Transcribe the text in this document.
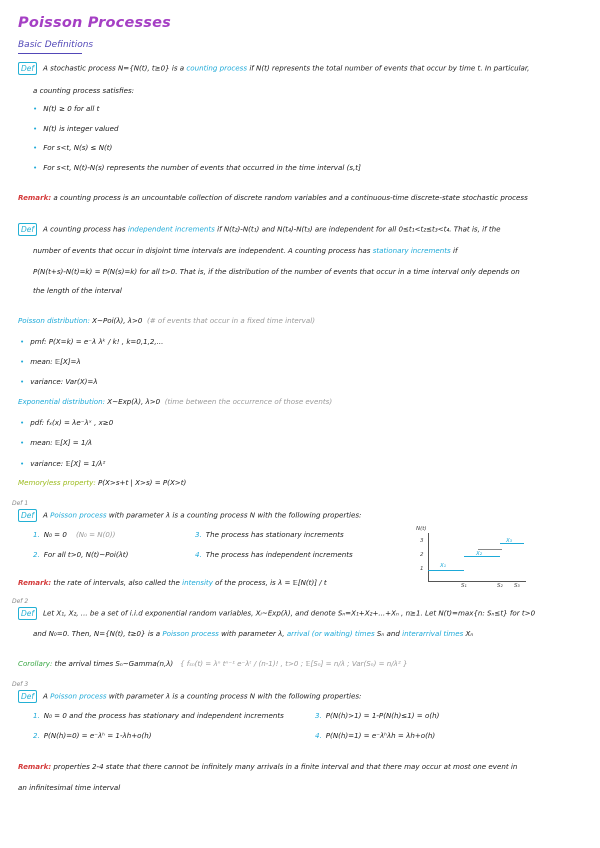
Poisson Processes
Basic Definitions
Def A stochastic process N={N(t), t≥0} is a counting process if N(t) represents the total number of events that occur by time t. In particular,
a counting process satisfies:
• N(t) ≥ 0 for all t
• N(t) is integer valued
• For s<t, N(s) ≤ N(t)
• For s<t, N(t)-N(s) represents the number of events that occurred in the time interval (s,t]
Remark: a counting process is an uncountable collection of discrete random variables and a continuous-time discrete-state stochastic process
Def A counting process has independent increments if N(t₂)-N(t₁) and N(t₄)-N(t₃) are independent for all 0≤t₁<t₂≤t₃<t₄. That is, if the
number of events that occur in disjoint time intervals are independent. A counting process has stationary increments if
P(N(t+s)-N(t)=k) = P(N(s)=k) for all t>0. That is, if the distribution of the number of events that occur in a time interval only depends on
the length of the interval
Poisson distribution: X~Poi(λ), λ>0 (# of events that occur in a fixed time interval)
• pmf: P(X=k) = e⁻λ λᵏ / k! , k=0,1,2,...
• mean: 𝔼[X]=λ
• variance: Var(X)=λ
Exponential distribution: X~Exp(λ), λ>0 (time between the occurrence of those events)
• pdf: fₓ(x) = λe⁻λˣ , x≥0
• mean: 𝔼[X] = 1/λ
• variance: 𝔼[X] = 1/λ²
Memoryless property: P(X>s+t | X>s) = P(X>t)
Def 1
Def A Poisson process with parameter λ is a counting process N with the following properties:
1. N₀ = 0 (N₀ = N(0))
2. For all t>0, N(t)~Poi(λt)
3. The process has stationary increments
4. The process has independent increments
N(t)
3
2
1	X₁
X₂
X₃
S₁	S₂ S₃
Remark: the rate of intervals, also called the intensity of the process, is λ = 𝔼[N(t)] / t
Def 2
Def Let X₁, X₂, ... be a set of i.i.d exponential random variables, Xᵢ~Exp(λ), and denote Sₙ=X₁+X₂+...+Xₙ , n≥1. Let N(t)=max{n: Sₙ≤t} for t>0
and N₀=0. Then, N={N(t), t≥0} is a Poisson process with parameter λ, arrival (or waiting) times Sₙ and interarrival times Xₙ
Corollary: the arrival times Sₙ~Gamma(n,λ) { fₛₙ(t) = λⁿ tⁿ⁻¹ e⁻λᵗ / (n-1)! , t>0 ; 𝔼[Sₙ] = n/λ ; Var(Sₙ) = n/λ² }
Def 3
Def A Poisson process with parameter λ is a counting process N with the following properties:
1. N₀ = 0 and the process has stationary and independent increments
2. P(N(h)=0) = e⁻λʰ = 1-λh+o(h)
3. P(N(h)>1) = 1-P(N(h)≤1) = o(h)
4. P(N(h)=1) = e⁻λʰλh = λh+o(h)
Remark: properties 2-4 state that there cannot be infinitely many arrivals in a finite interval and that there may occur at most one event in
an infinitesimal time interval
